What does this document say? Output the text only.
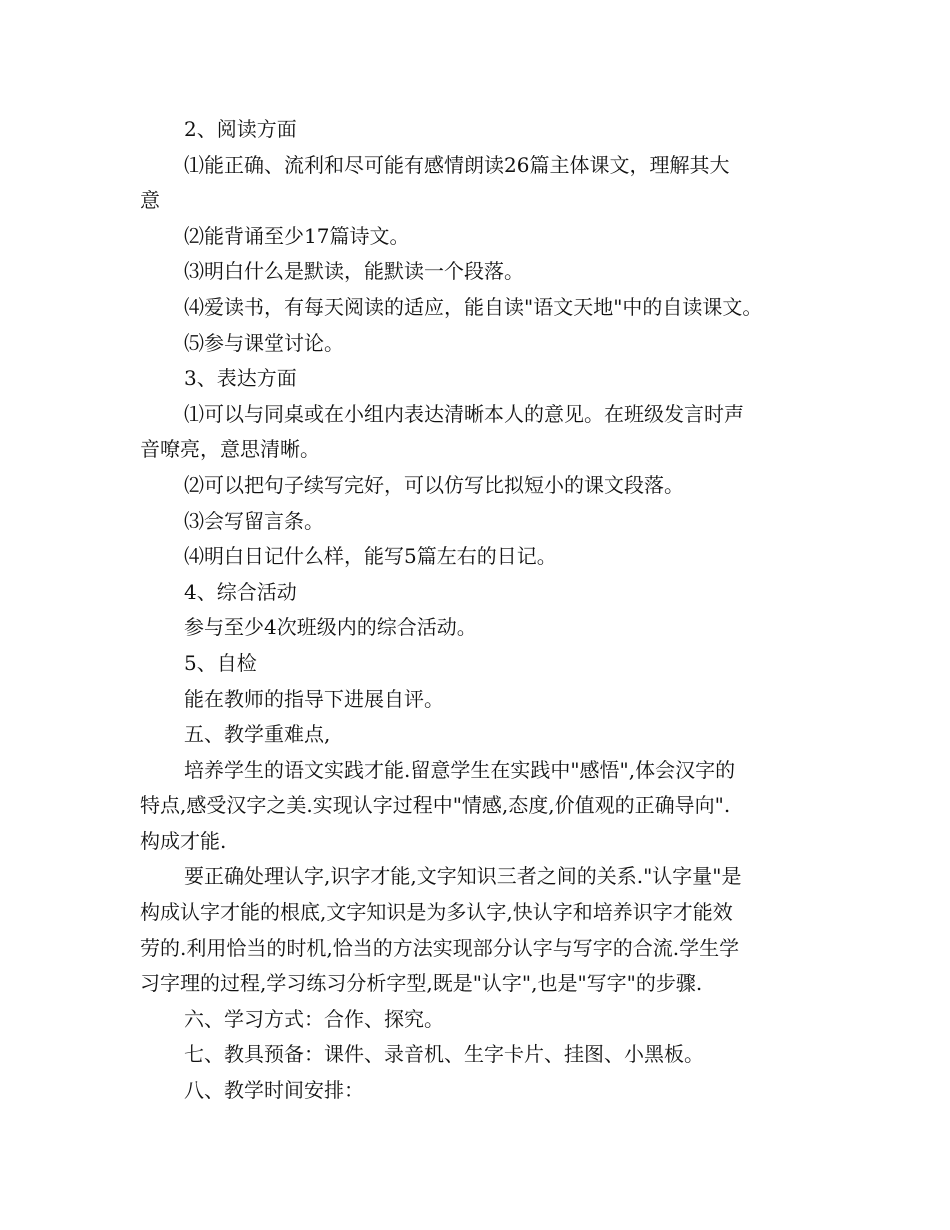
2、阅读方面
⑴能正确、流利和尽可能有感情朗读26篇主体课文，理解其大
意
⑵能背诵至少17篇诗文。
⑶明白什么是默读，能默读一个段落。
⑷爱读书，有每天阅读的适应，能自读"语文天地"中的自读课文。
⑸参与课堂讨论。
3、表达方面
⑴可以与同桌或在小组内表达清晰本人的意见。在班级发言时声
音嘹亮，意思清晰。
⑵可以把句子续写完好，可以仿写比拟短小的课文段落。
⑶会写留言条。
⑷明白日记什么样，能写5篇左右的日记。
4、综合活动
参与至少4次班级内的综合活动。
5、自检
能在教师的指导下进展自评。
五、教学重难点,
培养学生的语文实践才能.留意学生在实践中"感悟",体会汉字的
特点,感受汉字之美.实现认字过程中"情感,态度,价值观的正确导向".
构成才能.
要正确处理认字,识字才能,文字知识三者之间的关系."认字量"是
构成认字才能的根底,文字知识是为多认字,快认字和培养识字才能效
劳的.利用恰当的时机,恰当的方法实现部分认字与写字的合流.学生学
习字理的过程,学习练习分析字型,既是"认字",也是"写字"的步骤.
六、学习方式：合作、探究。
七、教具预备：课件、录音机、生字卡片、挂图、小黑板。
八、教学时间安排：
